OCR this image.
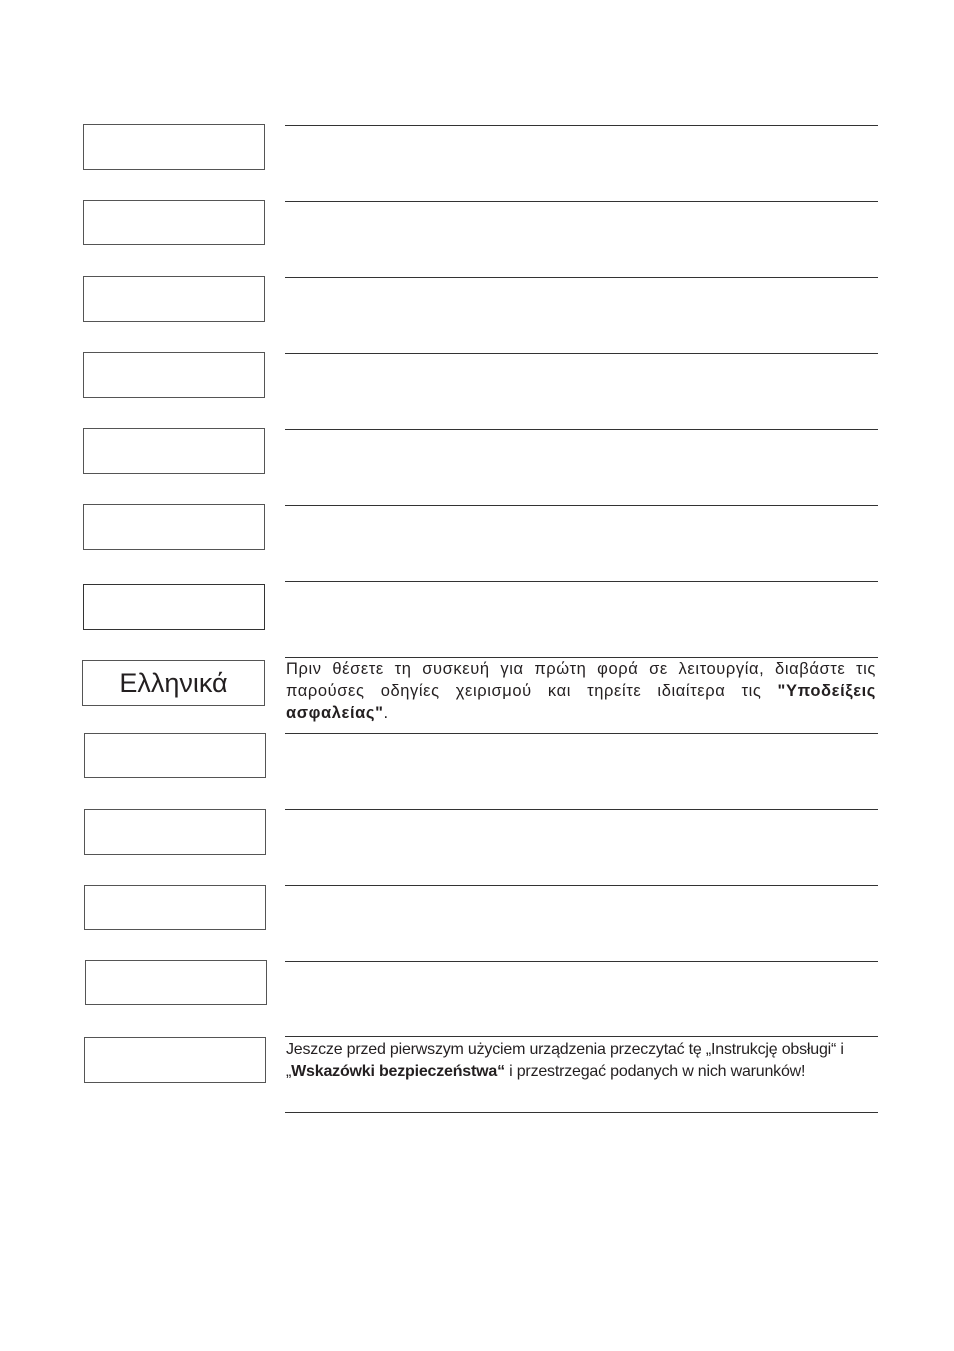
Ελληνικά	Πριν θέσετε τη συσκευή για πρώτη φορά σε λειτουργία, διαβάστε τις παρούσες οδηγίες χειρισμού και τηρείτε ιδιαίτερα τις "Υποδείξεις ασφαλείας".
Jeszcze przed pierwszym użyciem urządzenia przeczytać tę „Instrukcję obsługi“ i „Wskazówki bezpieczeństwa“ i przestrzegać podanych w nich warunków!
